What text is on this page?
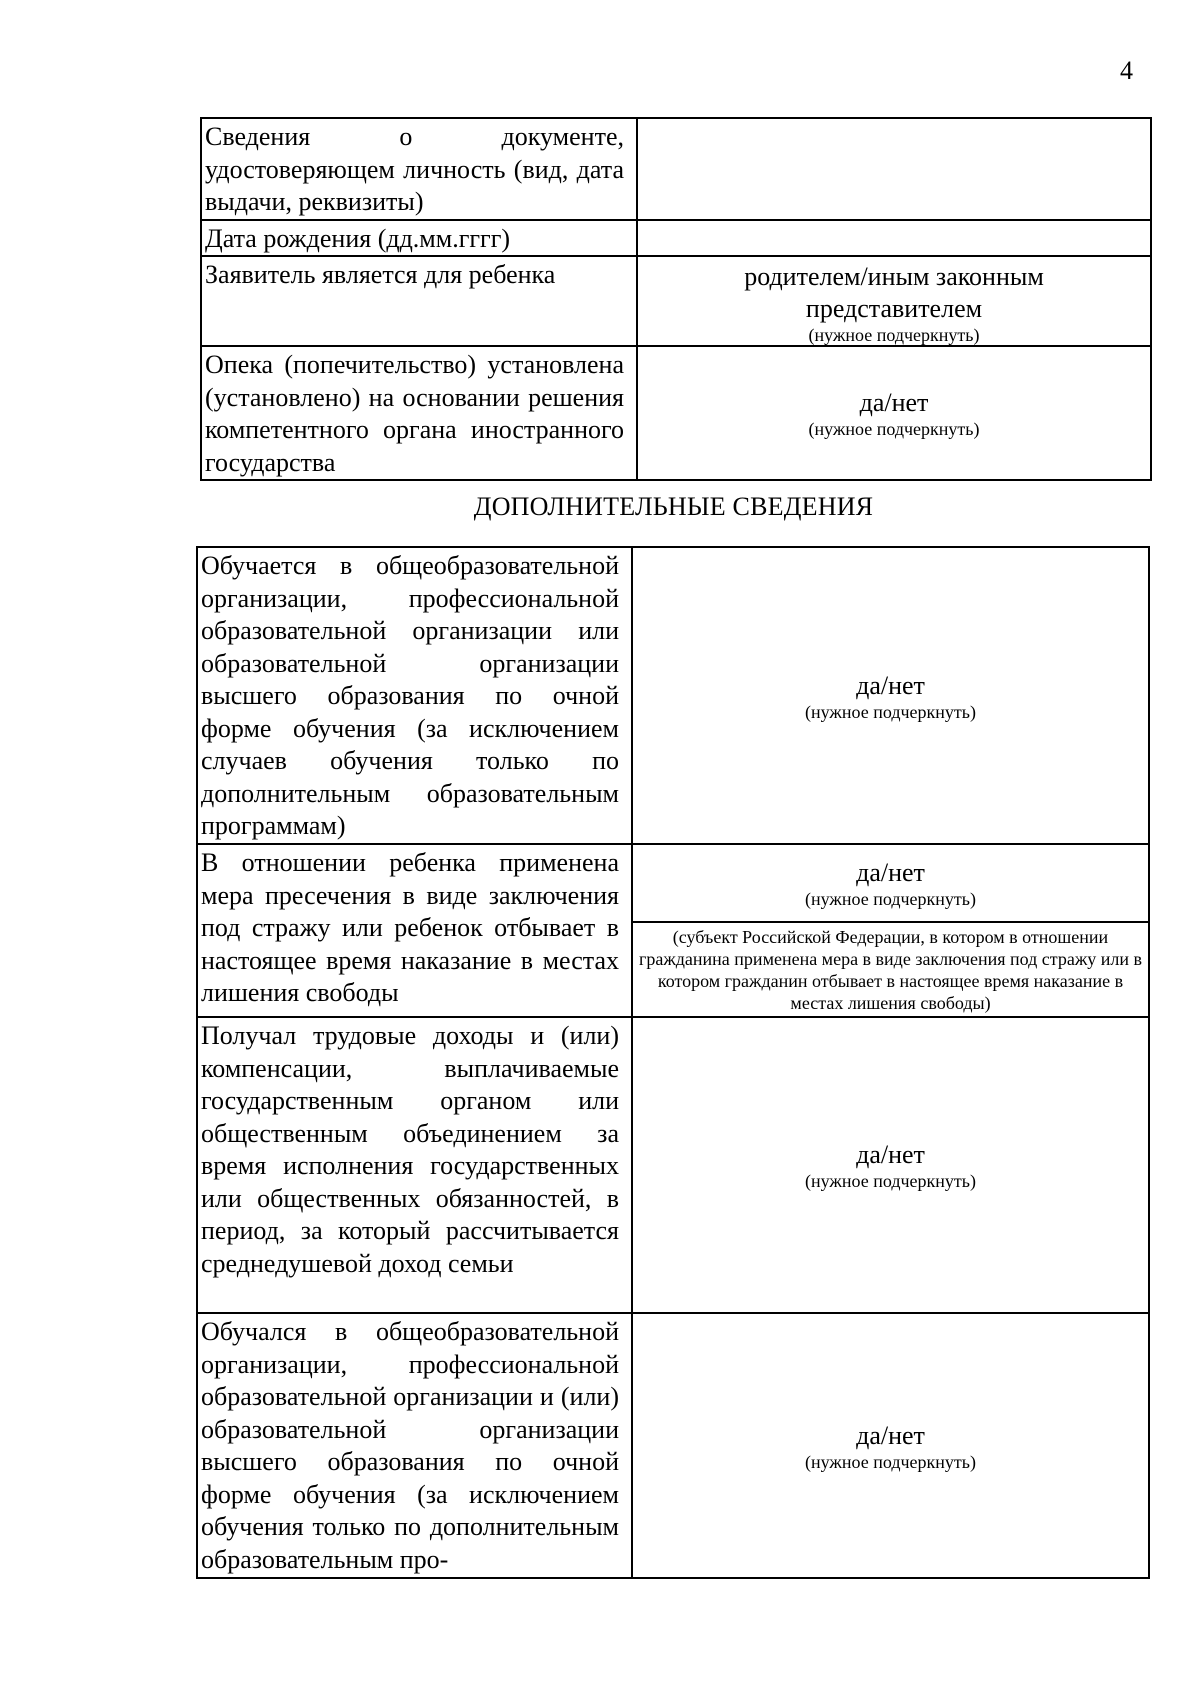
4
Сведения о документе, удостоверяющем личность (вид, дата выдачи, реквизиты)	
Дата рождения (дд.мм.гггг)	
Заявитель является для ребенка	родителем/иным законным представителем
(нужное подчеркнуть)

Опека (попечительство) установлена (установлено) на основании решения компетентного органа иностранного государства	да/нет
(нужное подчеркнуть)
ДОПОЛНИТЕЛЬНЫЕ СВЕДЕНИЯ
Обучается в общеобразовательной организации, профессиональной образовательной организации или образовательной организации высшего образования по очной форме обучения (за исключением случаев обучения только по дополнительным образовательным программам)	да/нет
(нужное подчеркнуть)

В отношении ребенка применена мера пресечения в виде заключения под стражу или ребенок отбывает в настоящее время наказание в местах лишения свободы	да/нет
(нужное подчеркнуть)

	(субъект Российской Федерации, в котором в отношении гражданина применена мера в виде заключения под стражу или в котором гражданин отбывает в настоящее время наказание в местах лишения свободы)

Получал трудовые доходы и (или) компенсации, выплачиваемые государственным органом или общественным объединением за время исполнения государственных или общественных обязанностей, в период, за который рассчитывается среднедушевой доход семьи	да/нет
(нужное подчеркнуть)

Обучался в общеобразовательной организации, профессиональной образовательной организации и (или) образовательной организации высшего образования по очной форме обучения (за исключением обучения только по дополнительным образовательным про-	да/нет
(нужное подчеркнуть)
